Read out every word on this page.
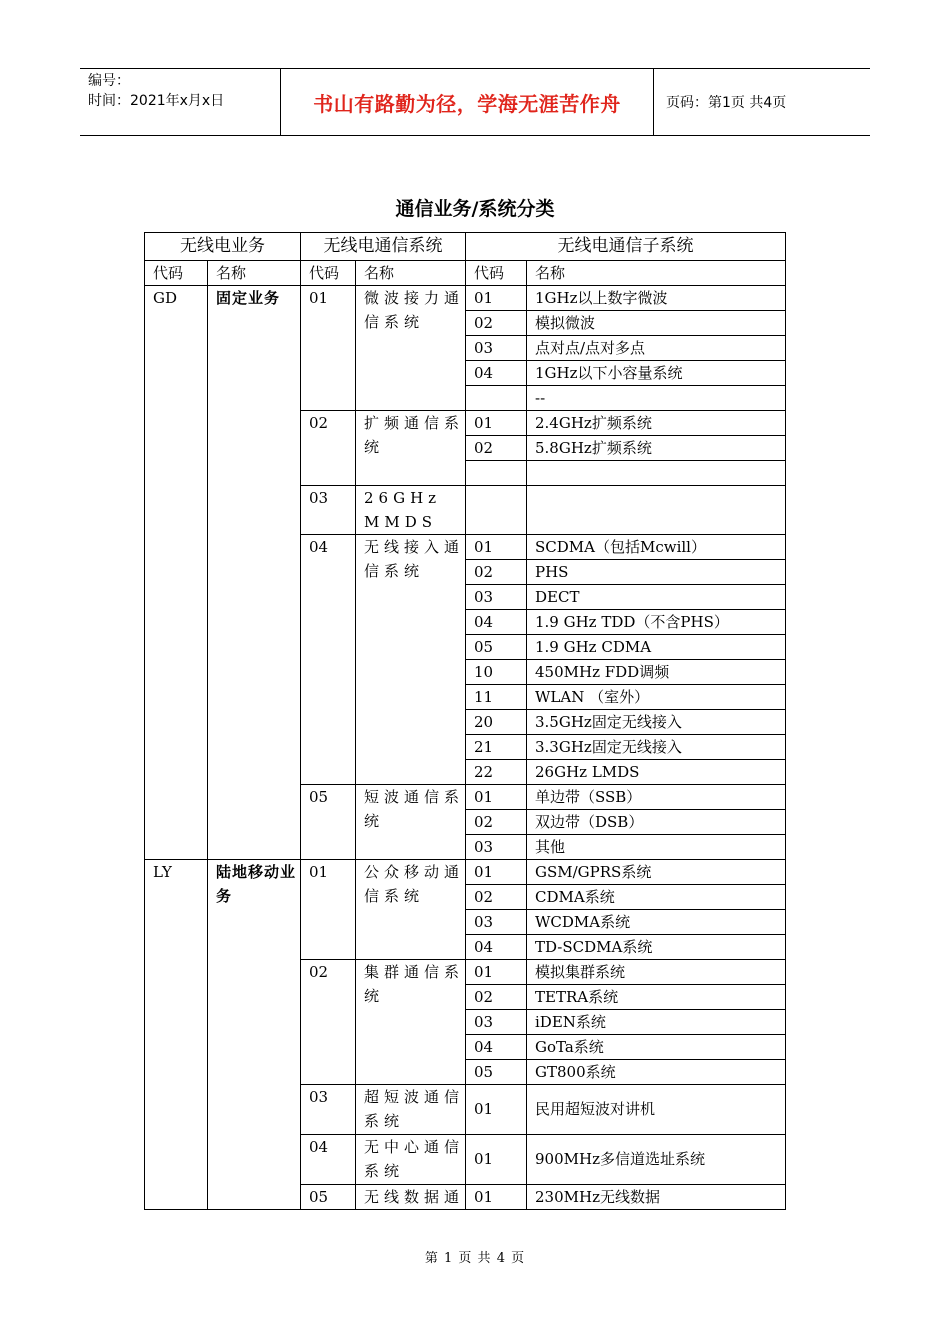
编号：
时间：2021年x月x日	书山有路勤为径，学海无涯苦作舟	页码：第1页 共4页
通信业务/系统分类
无线电业务		无线电通信系统		无线电通信子系统	
代码	名称	代码	名称	代码	名称
GD	固定业务	01	微波接力通信系统	01	1GHz以上数字微波
				02	模拟微波
				03	点对点/点对多点
				04	1GHz以下小容量系统
					--
		02	扩频通信系统	01	2.4GHz扩频系统
				02	5.8GHz扩频系统

		03	26GHz MMDS		
		04	无线接入通信系统	01	SCDMA（包括Mcwill）
				02	PHS
				03	DECT
				04	1.9 GHz TDD（不含PHS）
				05	1.9 GHz CDMA
				10	450MHz FDD调频
				11	WLAN （室外）
				20	3.5GHz固定无线接入
				21	3.3GHz固定无线接入
				22	26GHz LMDS
		05	短波通信系统	01	单边带（SSB）
				02	双边带（DSB）
				03	其他
LY	陆地移动业务	01	公众移动通信系统	01	GSM/GPRS系统
				02	CDMA系统
				03	WCDMA系统
				04	TD-SCDMA系统
		02	集群通信系统	01	模拟集群系统
				02	TETRA系统
				03	iDEN系统
				04	GoTa系统
				05	GT800系统
		03	超短波通信系统	01	民用超短波对讲机
		04	无中心通信系统	01	900MHz多信道选址系统
		05	无线数据通	01	230MHz无线数据
第 1 页 共 4 页
